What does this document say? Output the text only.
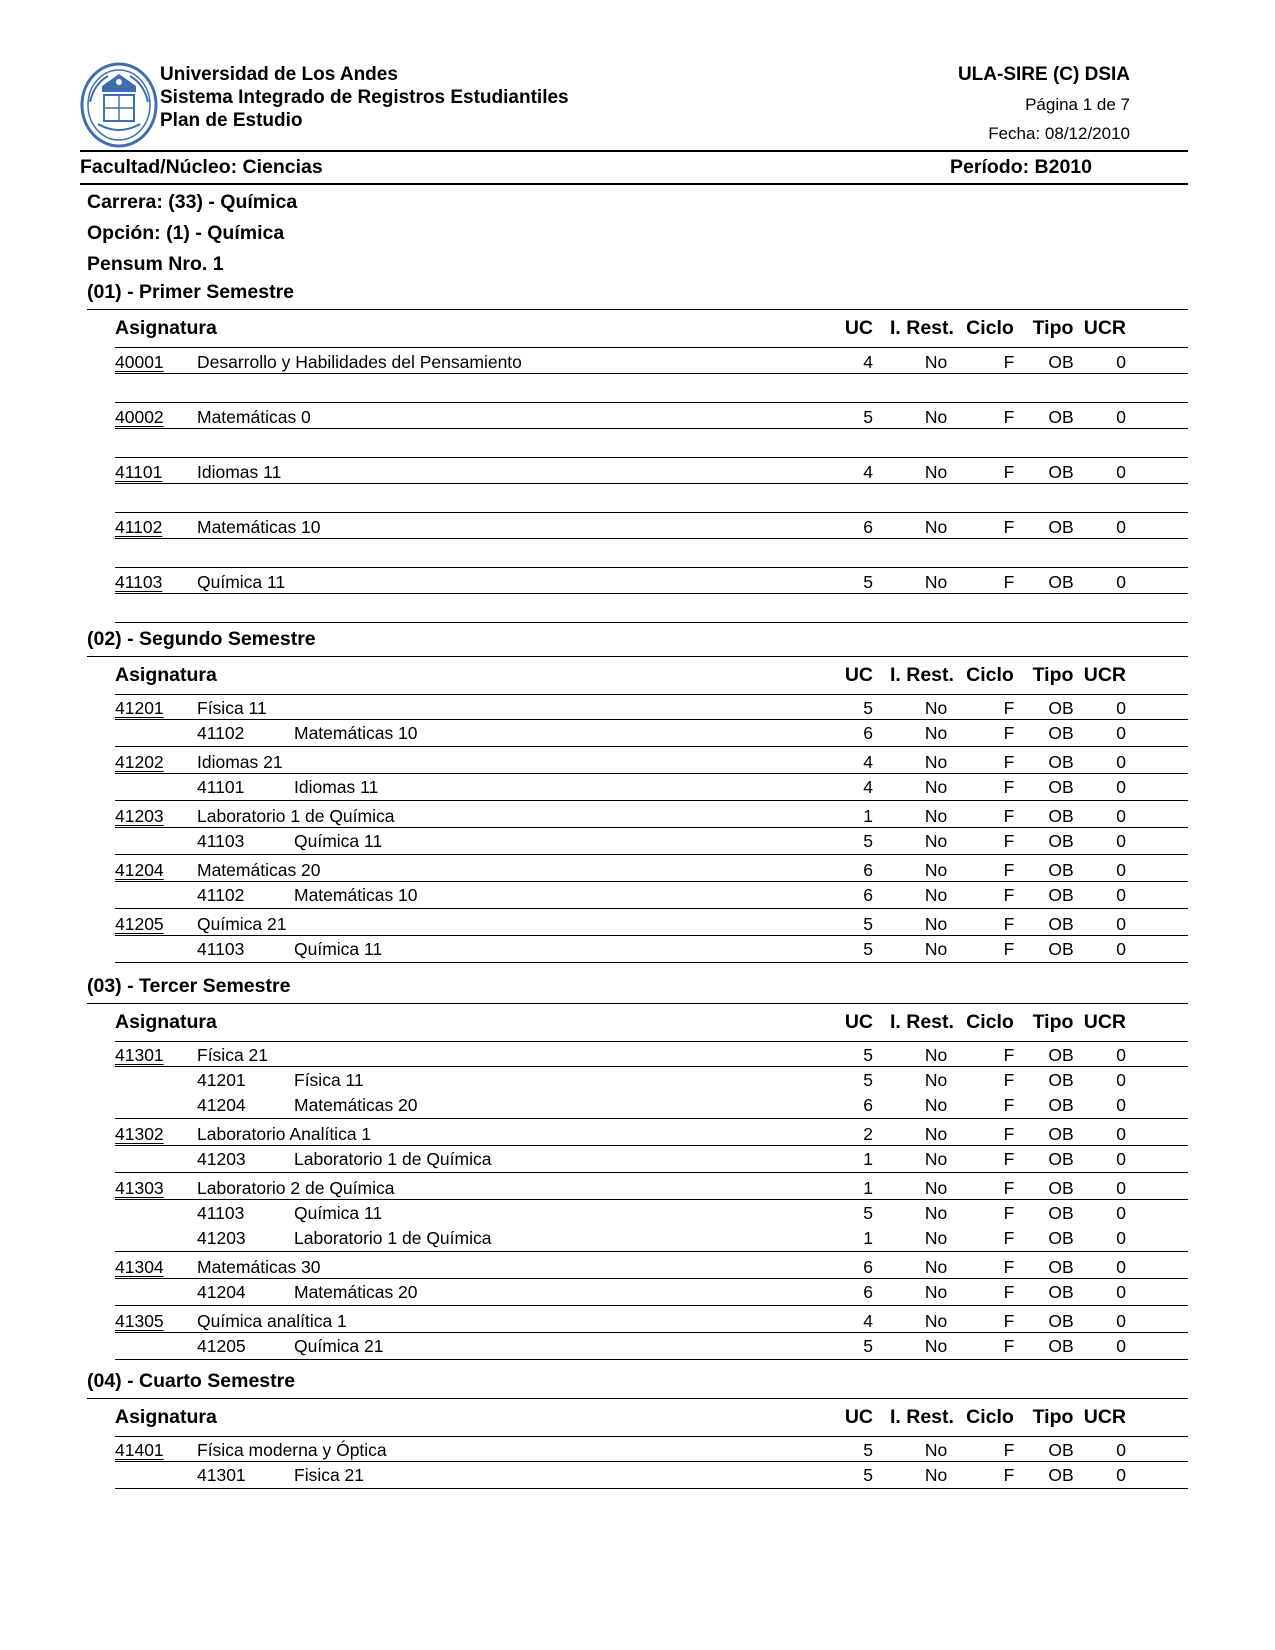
Universidad de Los Andes
Sistema Integrado de Registros Estudiantiles
Plan de Estudio
ULA-SIRE (C) DSIA
Página 1 de 7
Fecha: 08/12/2010
Facultad/Núcleo: Ciencias	Período: B2010
Carrera: (33) - Química
Opción: (1) - Química
Pensum Nro. 1
(01) - Primer Semestre
Asignatura	UC I. Rest. Ciclo Tipo UCR
40001 Desarrollo y Habilidades del Pensamiento	4	No	F	OB	0
40002 Matemáticas 0	5	No	F	OB	0
41101 Idiomas 11	4	No	F	OB	0
41102 Matemáticas 10	6	No	F	OB	0
41103 Química 11	5	No	F	OB	0
(02) - Segundo Semestre
Asignatura	UC I. Rest. Ciclo Tipo UCR
41201 Física 11	5	No	F	OB	0
41102	Matemáticas 10	6	No	F	OB	0
41202 Idiomas 21	4	No	F	OB	0
41101	Idiomas 11	4	No	F	OB	0
41203 Laboratorio 1 de Química	1	No	F	OB	0
41103	Química 11	5	No	F	OB	0
41204 Matemáticas 20	6	No	F	OB	0
41102	Matemáticas 10	6	No	F	OB	0
41205 Química 21	5	No	F	OB	0
41103	Química 11	5	No	F	OB	0
(03) - Tercer Semestre
Asignatura	UC I. Rest. Ciclo Tipo UCR
41301 Física 21	5	No	F	OB	0
41201	Física 11	5	No	F	OB	0
41204	Matemáticas 20	6	No	F	OB	0
41302 Laboratorio Analítica 1	2	No	F	OB	0
41203	Laboratorio 1 de Química	1	No	F	OB	0
41303 Laboratorio 2 de Química	1	No	F	OB	0
41103	Química 11	5	No	F	OB	0
41203	Laboratorio 1 de Química	1	No	F	OB	0
41304 Matemáticas 30	6	No	F	OB	0
41204	Matemáticas 20	6	No	F	OB	0
41305 Química analítica 1	4	No	F	OB	0
41205	Química 21	5	No	F	OB	0
(04) - Cuarto Semestre
Asignatura	UC I. Rest. Ciclo Tipo UCR
41401 Física moderna y Óptica	5	No	F	OB	0
41301	Fisica 21	5	No	F	OB	0
